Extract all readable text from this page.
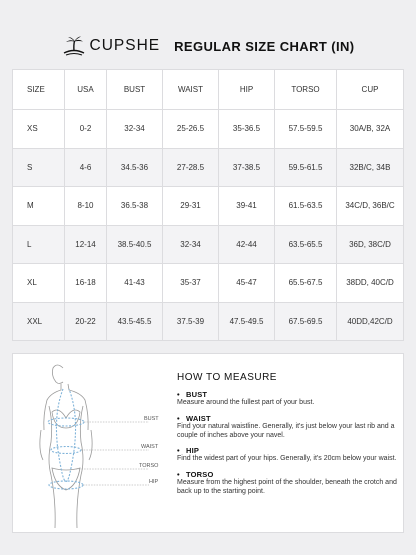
CUPSHE REGULAR SIZE CHART (IN)
SIZE	USA	BUST	WAIST	HIP	TORSO	CUP
XS	0-2	32-34	25-26.5	35-36.5	57.5-59.5	30A/B, 32A
S	4-6	34.5-36	27-28.5	37-38.5	59.5-61.5	32B/C, 34B
M	8-10	36.5-38	29-31	39-41	61.5-63.5	34C/D, 36B/C
L	12-14	38.5-40.5	32-34	42-44	63.5-65.5	36D, 38C/D
XL	16-18	41-43	35-37	45-47	65.5-67.5	38DD, 40C/D
XXL	20-22	43.5-45.5	37.5-39	47.5-49.5	67.5-69.5	40DD,42C/D
BUST
WAIST
TORSO
HIP
HOW TO MEASURE
• BUST
Measure around the fullest part of your bust.
• WAIST
Find your natural waistline. Generally, it's just below your last rib and a couple of inches above your navel.
• HIP
Find the widest part of your hips. Generally, it's 20cm below your waist.
• TORSO
Measure from the highest point of the shoulder, beneath the crotch and back up to the starting point.
